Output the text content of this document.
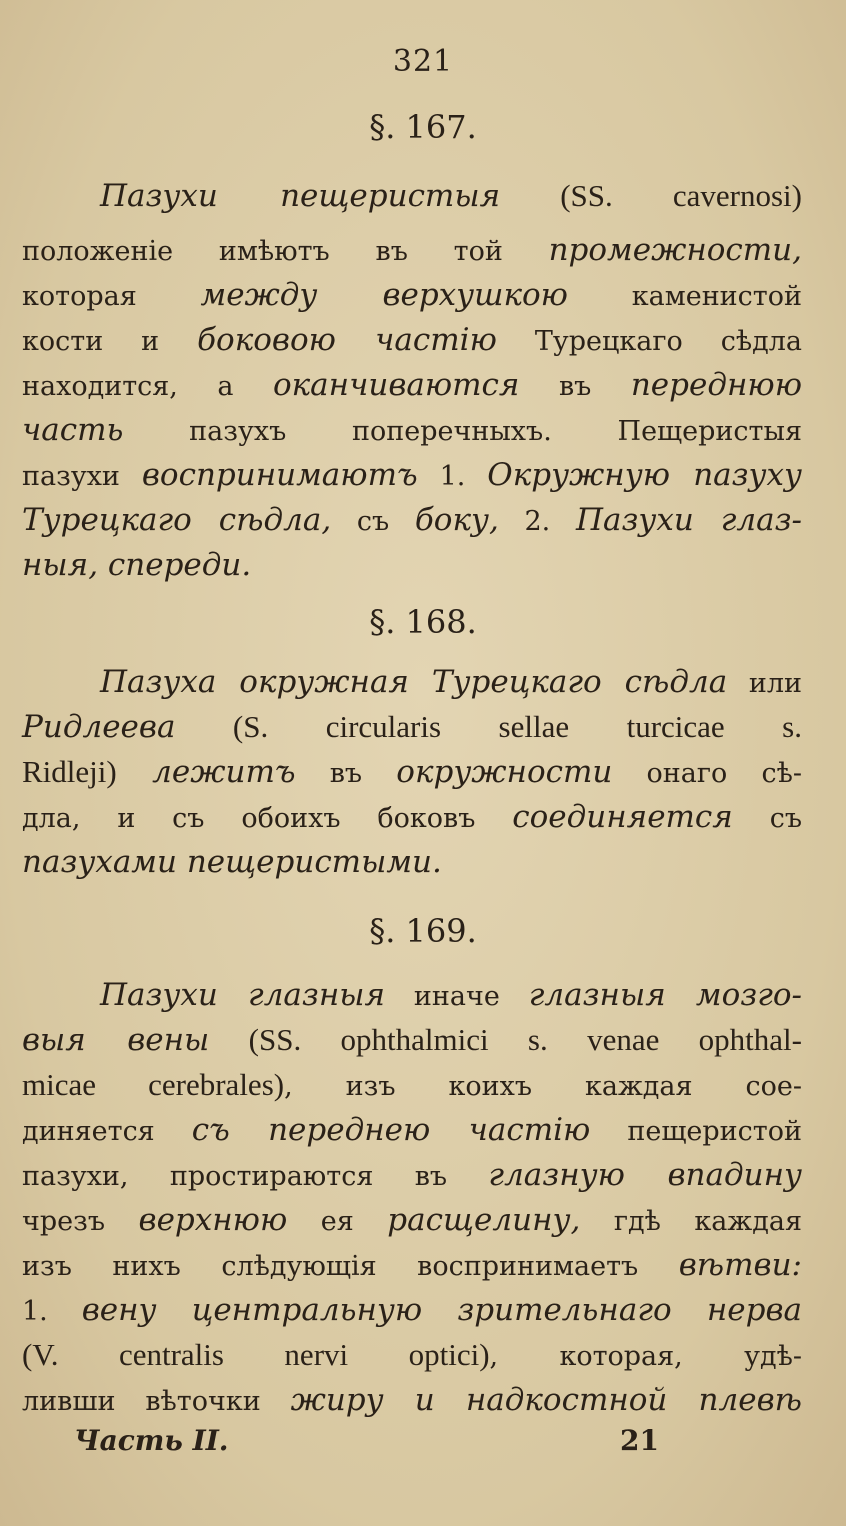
321
§. 167.
Пазухи пещеристыя (SS. cavernosi)
положеніе имѣютъ въ той промежности,
которая между верхушкою каменистой
кости и боковою частію Турецкаго сѣдла
находится, а оканчиваются въ переднюю
часть пазухъ поперечныхъ. Пещеристыя
пазухи воспринимаютъ 1. Окружную пазуху
Турецкаго сѣдла, съ боку, 2. Пазухи глаз-
ныя, спереди.
§. 168.
Пазуха окружная Турецкаго сѣдла или
Ридлеева (S. circularis sellae turcicae s.
Ridleji) лежитъ въ окружности онаго сѣ-
дла, и съ обоихъ боковъ соединяется съ
пазухами пещеристыми.
§. 169.
Пазухи глазныя иначе глазныя мозго-
выя вены (SS. ophthalmici s. venae ophthal-
micae cerebrales), изъ коихъ каждая сое-
диняется съ переднею частію пещеристой
пазухи, простираются въ глазную впадину
чрезъ верхнюю ея расщелину, гдѣ каждая
изъ нихъ слѣдующія воспринимаетъ вѣтви:
1. вену центральную зрительнаго нерва
(V. centralis nervi optici), которая, удѣ-
ливши вѣточки жиру и надкостной плевѣ
Часть II.	21
